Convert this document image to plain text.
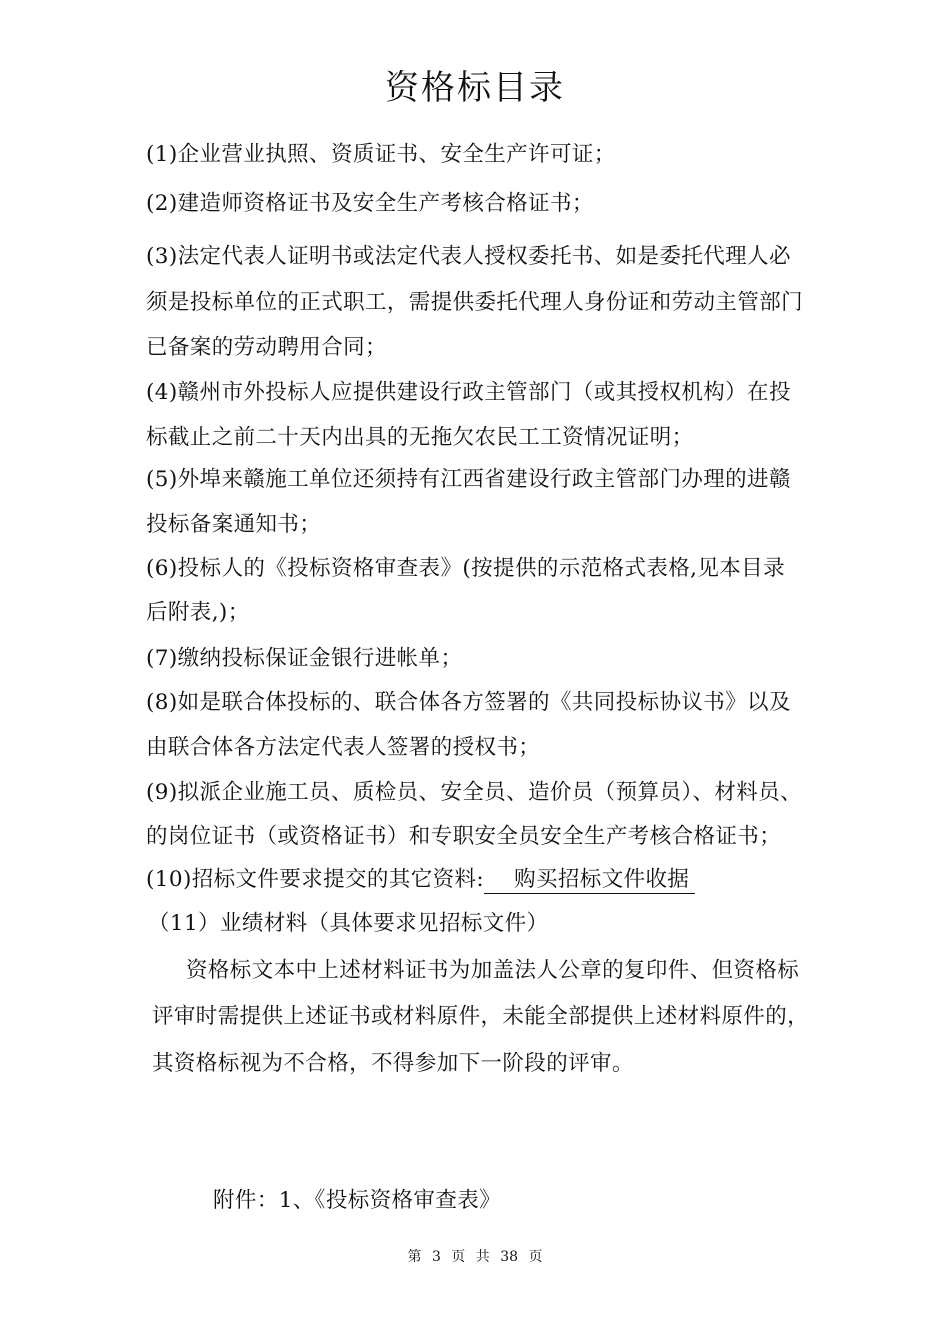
资格标目录
(1)企业营业执照、资质证书、安全生产许可证；
(2)建造师资格证书及安全生产考核合格证书；
(3)法定代表人证明书或法定代表人授权委托书、如是委托代理人必
须是投标单位的正式职工，需提供委托代理人身份证和劳动主管部门
已备案的劳动聘用合同；
(4)赣州市外投标人应提供建设行政主管部门（或其授权机构）在投
标截止之前二十天内出具的无拖欠农民工工资情况证明；
(5)外埠来赣施工单位还须持有江西省建设行政主管部门办理的进赣
投标备案通知书；
(6)投标人的《投标资格审查表》(按提供的示范格式表格,见本目录
后附表,)；
(7)缴纳投标保证金银行进帐单；
(8)如是联合体投标的、联合体各方签署的《共同投标协议书》以及
由联合体各方法定代表人签署的授权书；
(9)拟派企业施工员、质检员、安全员、造价员（预算员）、材料员、
的岗位证书（或资格证书）和专职安全员安全生产考核合格证书；
(10)招标文件要求提交的其它资料: 购买招标文件收据
（11）业绩材料（具体要求见招标文件）
资格标文本中上述材料证书为加盖法人公章的复印件、但资格标
评审时需提供上述证书或材料原件，未能全部提供上述材料原件的，
其资格标视为不合格，不得参加下一阶段的评审。
附件：1、《投标资格审查表》
第 3 页 共 38 页
